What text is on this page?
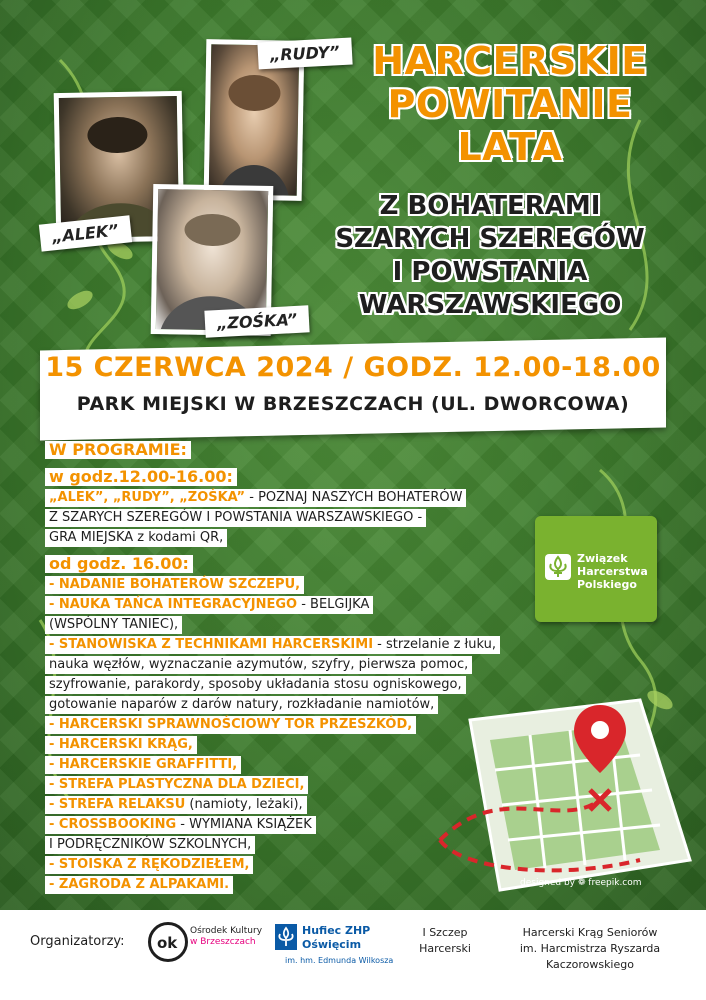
„RUDY”
„ALEK”
„ZOŚKA”
HARCERSKIE
POWITANIE
LATA
Z BOHATERAMI
SZARYCH SZEREGÓW
I POWSTANIA
WARSZAWSKIEGO
15 CZERWCA 2024 / GODZ. 12.00-18.00
PARK MIEJSKI W BRZESZCZACH (UL. DWORCOWA)
W PROGRAMIE:
w godz.12.00-16.00:
„ALEK”, „RUDY”, „ZOŚKA” - POZNAJ NASZYCH BOHATERÓW
Z SZARYCH SZEREGÓW I POWSTANIA WARSZAWSKIEGO -
GRA MIEJSKA z kodami QR,
od godz. 16.00:
- NADANIE BOHATERÓW SZCZEPU,
- NAUKA TAŃCA INTEGRACYJNEGO - BELGIJKA
(WSPÓLNY TANIEC),
- STANOWISKA Z TECHNIKAMI HARCERSKIMI - strzelanie z łuku,
nauka węzłów, wyznaczanie azymutów, szyfry, pierwsza pomoc,
szyfrowanie, parakordy, sposoby układania stosu ogniskowego,
gotowanie naparów z darów natury, rozkładanie namiotów,
- HARCERSKI SPRAWNOŚCIOWY TOR PRZESZKÓD,
- HARCERSKI KRĄG,
- HARCERSKIE GRAFFITTI,
- STREFA PLASTYCZNA DLA DZIECI,
- STREFA RELAKSU (namioty, leżaki),
- CROSSBOOKING - WYMIANA KSIĄŻEK
I PODRĘCZNIKÓW SZKOLNYCH,
- STOISKA Z RĘKODZIEŁEM,
- ZAGRODA Z ALPAKAMI.
Związek
Harcerstwa
Polskiego
designed by ❁ freepik.com
Organizatorzy: ok
Ośrodek Kultury
w Brzeszczach
Hufiec ZHP
Oświęcim
im. hm. Edmunda Wilkosza
I Szczep
Harcerski
Harcerski Krąg Seniorów
im. Harcmistrza Ryszarda
Kaczorowskiego
